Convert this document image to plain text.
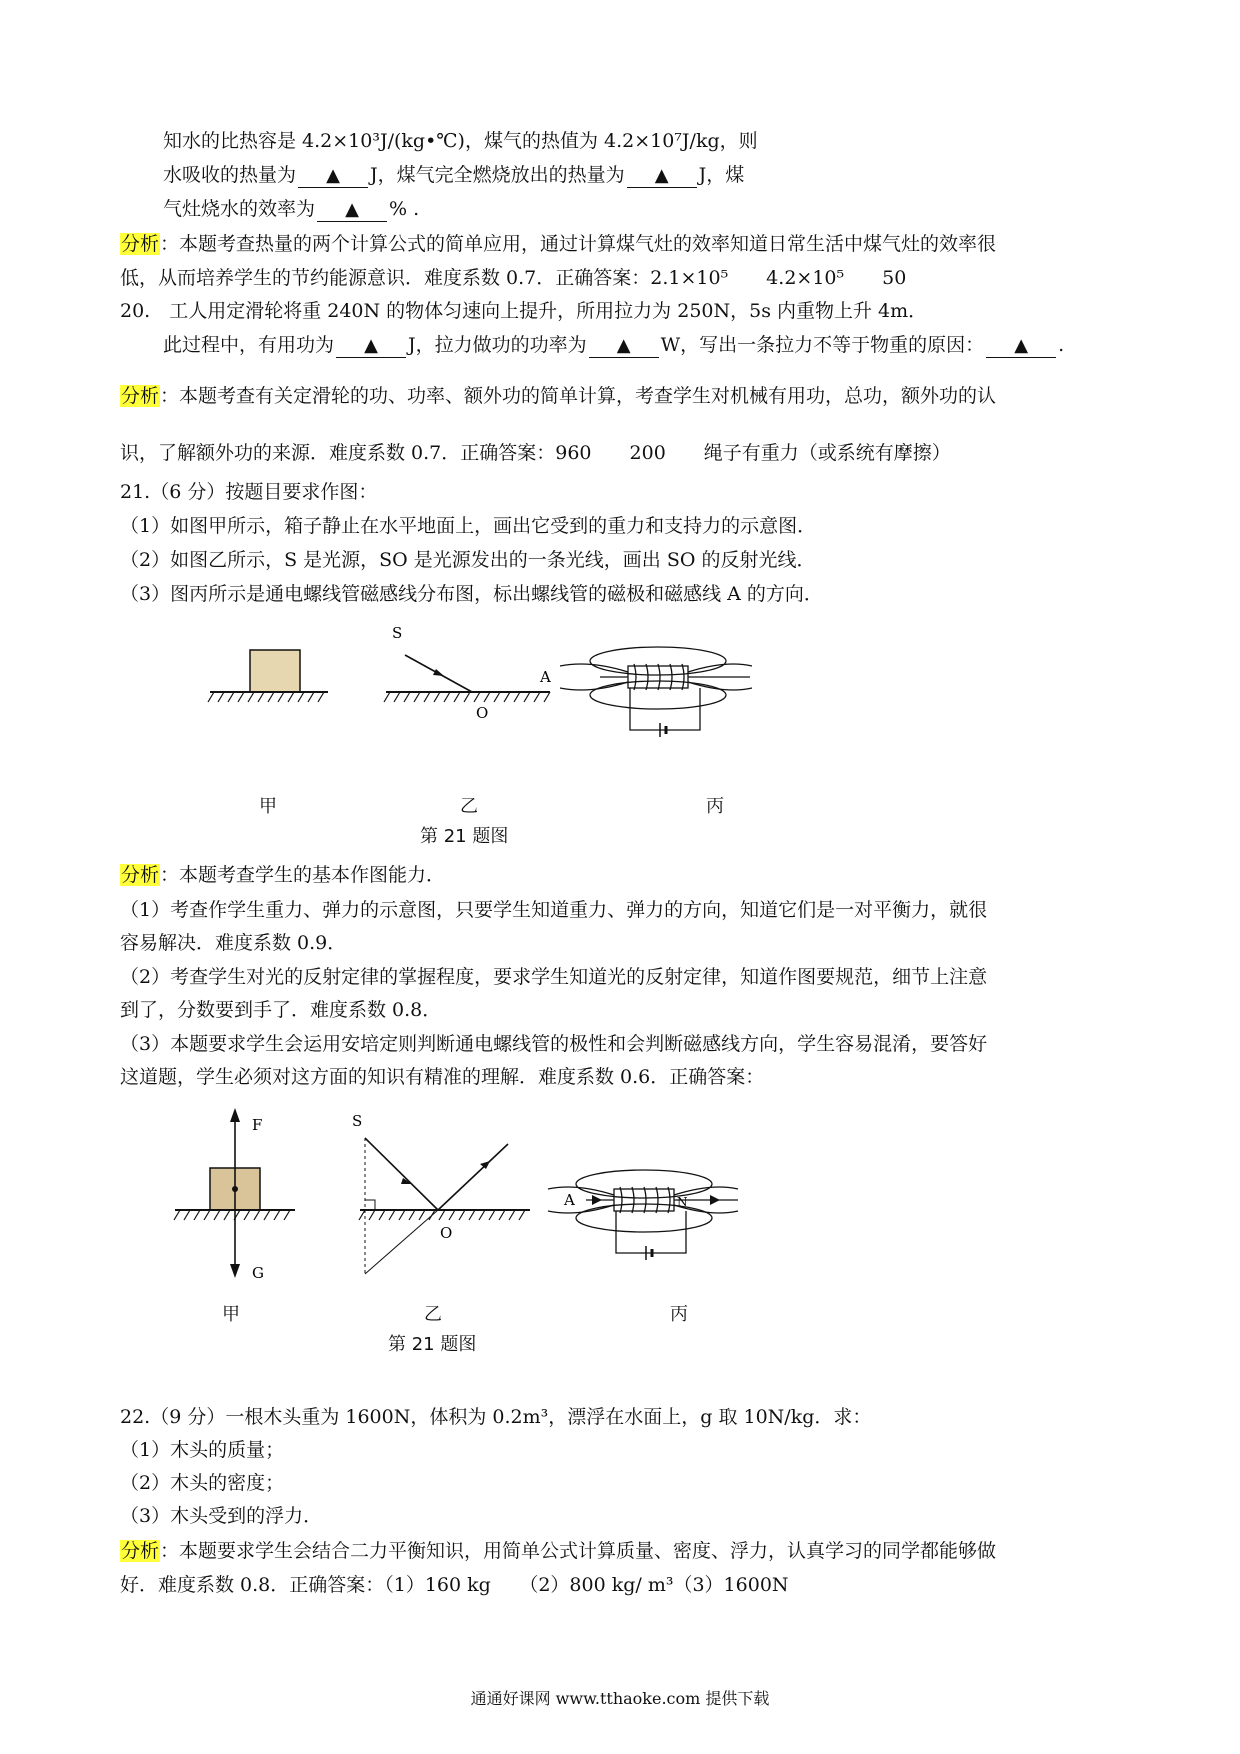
知水的比热容是 4.2×10³J/(kg•℃)，煤气的热值为 4.2×10⁷J/kg，则
水吸收的热量为 ▲ J，煤气完全燃烧放出的热量为 ▲ J，煤
气灶烧水的效率为 ▲ % .
分析：本题考查热量的两个计算公式的简单应用，通过计算煤气灶的效率知道日常生活中煤气灶的效率很
低，从而培养学生的节约能源意识．难度系数 0.7．正确答案：2.1×10⁵　　4.2×10⁵　　50
20.　工人用定滑轮将重 240N 的物体匀速向上提升，所用拉力为 250N，5s 内重物上升 4m．
此过程中，有用功为 ▲ J，拉力做功的功率为 ▲ W，写出一条拉力不等于物重的原因： ▲ .
分析：本题考查有关定滑轮的功、功率、额外功的简单计算，考查学生对机械有用功，总功，额外功的认
识，了解额外功的来源．难度系数 0.7．正确答案：960　　200　　绳子有重力（或系统有摩擦）
21.（6 分）按题目要求作图：
（1）如图甲所示，箱子静止在水平地面上，画出它受到的重力和支持力的示意图．
（2）如图乙所示，S 是光源，SO 是光源发出的一条光线，画出 SO 的反射光线．
（3）图丙所示是通电螺线管磁感线分布图，标出螺线管的磁极和磁感线 A 的方向．
S
O
A
甲	乙	丙
第 21 题图
分析：本题考查学生的基本作图能力．
（1）考查作学生重力、弹力的示意图，只要学生知道重力、弹力的方向，知道它们是一对平衡力，就很
容易解决．难度系数 0.9．
（2）考查学生对光的反射定律的掌握程度，要求学生知道光的反射定律，知道作图要规范，细节上注意
到了，分数要到手了．难度系数 0.8．
（3）本题要求学生会运用安培定则判断通电螺线管的极性和会判断磁感线方向，学生容易混淆，要答好
这道题，学生必须对这方面的知识有精准的理解．难度系数 0.6．正确答案：
F
G
S
O
A	N
甲	乙	丙
第 21 题图
22.（9 分）一根木头重为 1600N，体积为 0.2m³，漂浮在水面上，g 取 10N/kg．求：
（1）木头的质量；
（2）木头的密度；
（3）木头受到的浮力．
分析：本题要求学生会结合二力平衡知识，用简单公式计算质量、密度、浮力，认真学习的同学都能够做
好．难度系数 0.8．正确答案：（1）160 kg　　（2）800 kg/ m³（3）1600N
通通好课网 www.tthaoke.com 提供下载
